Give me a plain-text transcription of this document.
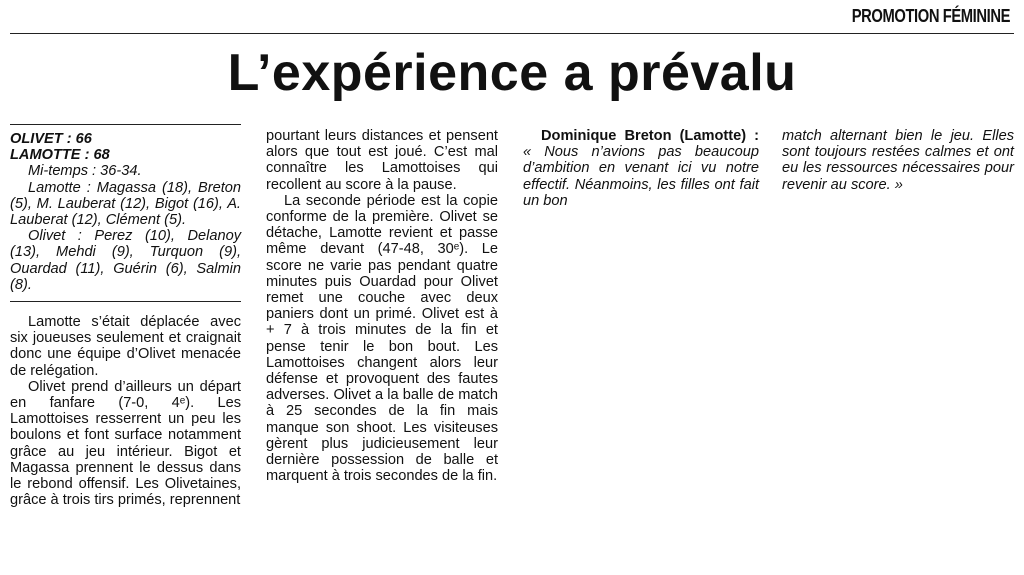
PROMOTION FÉMININE
L’expérience a prévalu
OLIVET : 66
LAMOTTE : 68
Mi-temps : 36-34.
Lamotte : Magassa (18), Breton (5), M. Lauberat (12), Bigot (16), A. Lauberat (12), Clément (5).
Olivet : Perez (10), Delanoy (13), Mehdi (9), Turquon (9), Ouardad (11), Guérin (6), Salmin (8).

Lamotte s’était déplacée avec six joueuses seulement et craignait donc une équipe d’Olivet menacée de relégation.

Olivet prend d’ailleurs un départ en fanfare (7-0, 4ᵉ). Les Lamottoises resserrent un peu les boulons et font surface notamment grâce au jeu intérieur. Bigot et Magassa prennent le dessus dans le rebond offensif. Les Olivetaines, grâce à trois tirs primés, reprennent

pourtant leurs distances et pensent alors que tout est joué. C’est mal connaître les Lamottoises qui recollent au score à la pause.

La seconde période est la copie conforme de la première. Olivet se détache, Lamotte revient et passe même devant (47-48, 30ᵉ). Le score ne varie pas pendant quatre minutes puis Ouardad pour Olivet remet une couche avec deux paniers dont un primé. Olivet est à + 7 à trois minutes de la fin et pense tenir le bon bout. Les Lamottoises changent alors leur défense et provoquent des fautes adverses. Olivet a la balle de match à 25 secondes de la fin mais manque son shoot. Les visiteuses gèrent plus judicieusement leur dernière possession de balle et marquent à trois secondes de la fin.

Dominique Breton (Lamotte) : « Nous n’avions pas beaucoup d’ambition en venant ici vu notre effectif. Néanmoins, les filles ont fait un bon

match alternant bien le jeu. Elles sont toujours restées calmes et ont eu les ressources nécessaires pour revenir au score. »
